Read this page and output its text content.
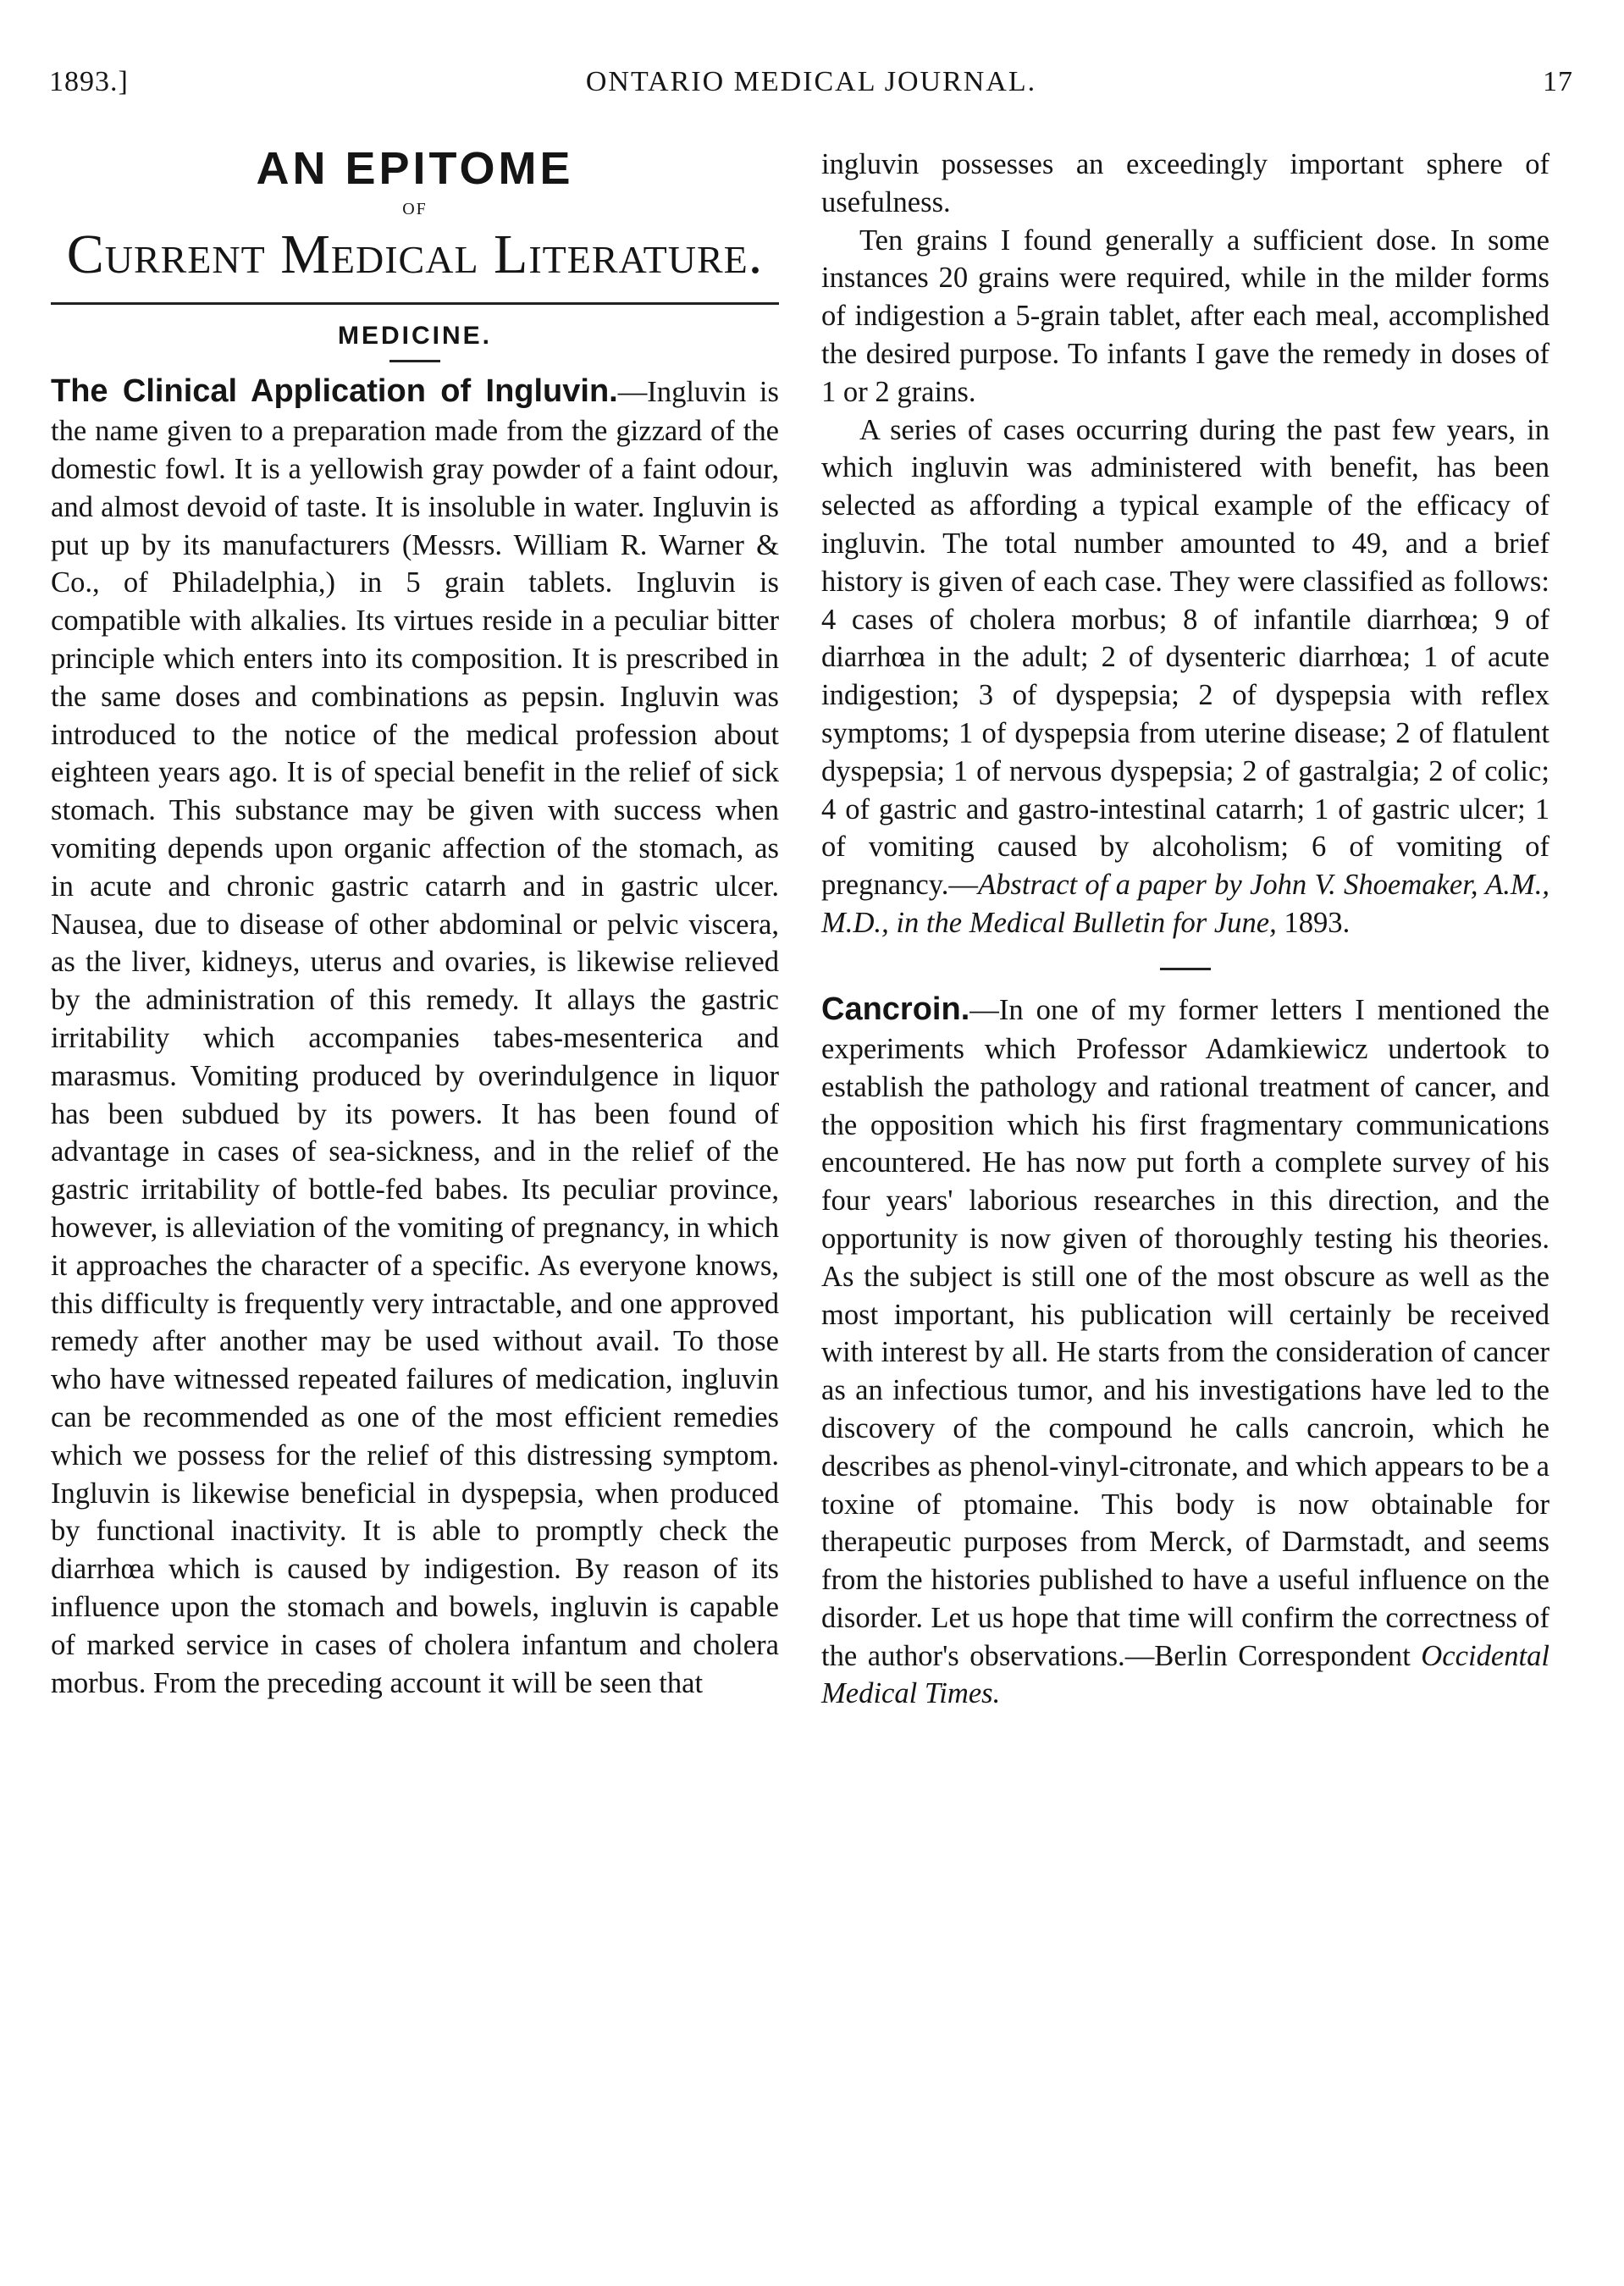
1893.]	ONTARIO MEDICAL JOURNAL.	17
AN EPITOME
OF
Current Medical Literature.
MEDICINE.

The Clinical Application of Ingluvin.—Ingluvin is the name given to a preparation made from the gizzard of the domestic fowl. It is a yellowish gray powder of a faint odour, and almost devoid of taste. It is insoluble in water. Ingluvin is put up by its manufacturers (Messrs. William R. Warner & Co., of Philadelphia,) in 5 grain tablets. Ingluvin is compatible with alkalies. Its virtues reside in a peculiar bitter principle which enters into its composition. It is prescribed in the same doses and combinations as pepsin. Ingluvin was introduced to the notice of the medical profession about eighteen years ago. It is of special benefit in the relief of sick stomach. This substance may be given with success when vomiting depends upon organic affection of the stomach, as in acute and chronic gastric catarrh and in gastric ulcer. Nausea, due to disease of other abdominal or pelvic viscera, as the liver, kidneys, uterus and ovaries, is likewise relieved by the administration of this remedy. It allays the gastric irritability which accompanies tabes-mesenterica and marasmus. Vomiting produced by overindulgence in liquor has been subdued by its powers. It has been found of advantage in cases of sea-sickness, and in the relief of the gastric irritability of bottle-fed babes. Its peculiar province, however, is alleviation of the vomiting of pregnancy, in which it approaches the character of a specific. As everyone knows, this difficulty is frequently very intractable, and one approved remedy after another may be used without avail. To those who have witnessed repeated failures of medication, ingluvin can be recommended as one of the most efficient remedies which we possess for the relief of this distressing symptom. Ingluvin is likewise beneficial in dyspepsia, when produced by functional inactivity. It is able to promptly check the diarrhœa which is caused by indigestion. By reason of its influence upon the stomach and bowels, ingluvin is capable of marked service in cases of cholera infantum and cholera morbus. From the preceding account it will be seen that

ingluvin possesses an exceedingly important sphere of usefulness.

Ten grains I found generally a sufficient dose. In some instances 20 grains were required, while in the milder forms of indigestion a 5-grain tablet, after each meal, accomplished the desired purpose. To infants I gave the remedy in doses of 1 or 2 grains.

A series of cases occurring during the past few years, in which ingluvin was administered with benefit, has been selected as affording a typical example of the efficacy of ingluvin. The total number amounted to 49, and a brief history is given of each case. They were classified as follows: 4 cases of cholera morbus; 8 of infantile diarrhœa; 9 of diarrhœa in the adult; 2 of dysenteric diarrhœa; 1 of acute indigestion; 3 of dyspepsia; 2 of dyspepsia with reflex symptoms; 1 of dyspepsia from uterine disease; 2 of flatulent dyspepsia; 1 of nervous dyspepsia; 2 of gastralgia; 2 of colic; 4 of gastric and gastro-intestinal catarrh; 1 of gastric ulcer; 1 of vomiting caused by alcoholism; 6 of vomiting of pregnancy.—Abstract of a paper by John V. Shoemaker, A.M., M.D., in the Medical Bulletin for June, 1893.

Cancroin.—In one of my former letters I mentioned the experiments which Professor Adamkiewicz undertook to establish the pathology and rational treatment of cancer, and the opposition which his first fragmentary communications encountered. He has now put forth a complete survey of his four years' laborious researches in this direction, and the opportunity is now given of thoroughly testing his theories. As the subject is still one of the most obscure as well as the most important, his publication will certainly be received with interest by all. He starts from the consideration of cancer as an infectious tumor, and his investigations have led to the discovery of the compound he calls cancroin, which he describes as phenol-vinyl-citronate, and which appears to be a toxine of ptomaine. This body is now obtainable for therapeutic purposes from Merck, of Darmstadt, and seems from the histories published to have a useful influence on the disorder. Let us hope that time will confirm the correctness of the author's observations.—Berlin Correspondent Occidental Medical Times.
